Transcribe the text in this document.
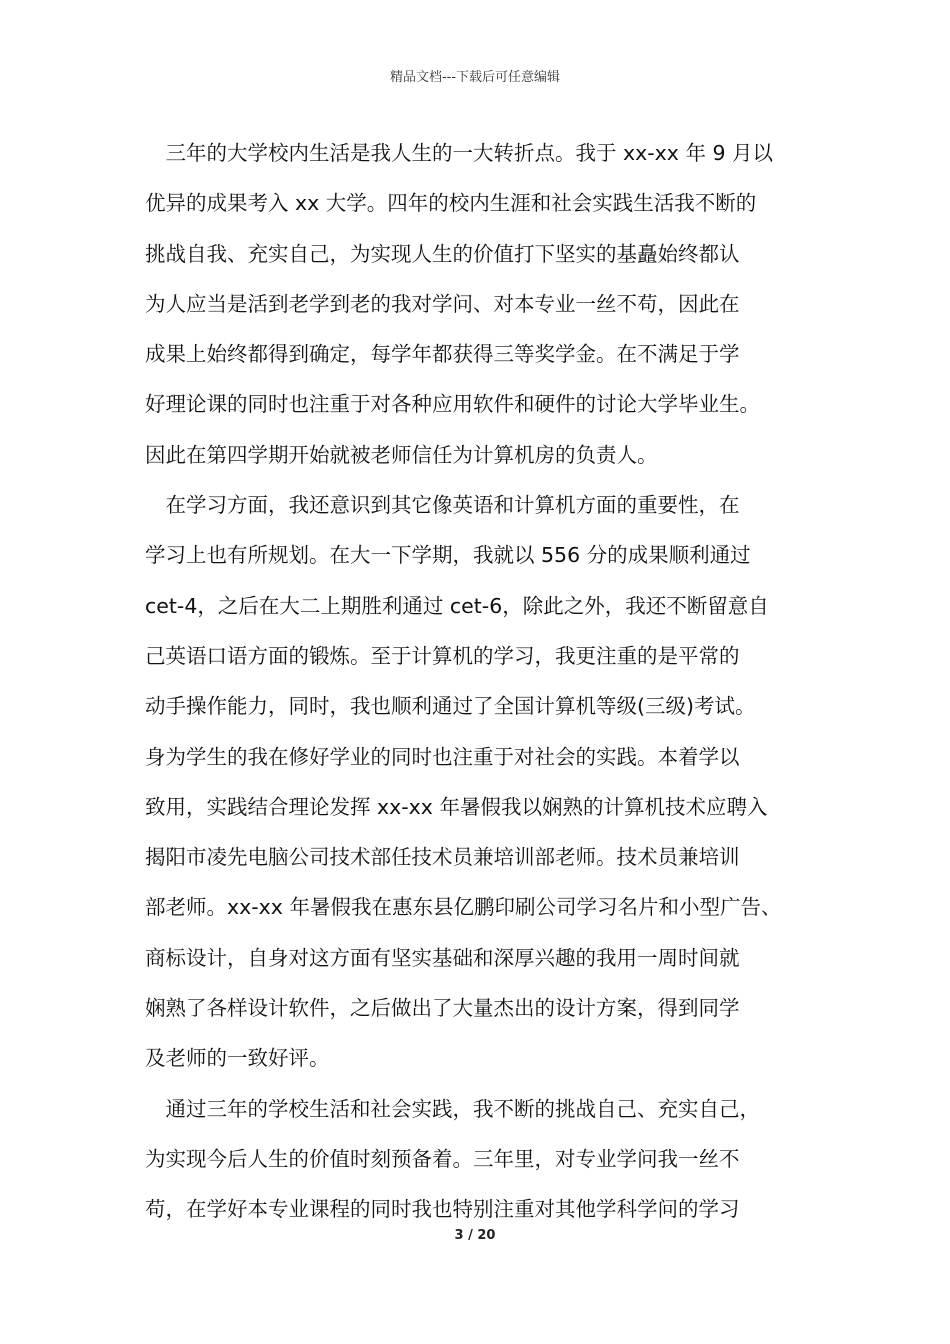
精品文档---下载后可任意编辑

　三年的大学校内生活是我人生的一大转折点。我于 xx-xx 年 9 月以

优异的成果考入 xx 大学。四年的校内生涯和社会实践生活我不断的

挑战自我、充实自己，为实现人生的价值打下坚实的基矗始终都认

为人应当是活到老学到老的我对学问、对本专业一丝不苟，因此在

成果上始终都得到确定，每学年都获得三等奖学金。在不满足于学

好理论课的同时也注重于对各种应用软件和硬件的讨论大学毕业生。

因此在第四学期开始就被老师信任为计算机房的负责人。

　在学习方面，我还意识到其它像英语和计算机方面的重要性，在

学习上也有所规划。在大一下学期，我就以 556 分的成果顺利通过

cet-4，之后在大二上期胜利通过 cet-6，除此之外，我还不断留意自

己英语口语方面的锻炼。至于计算机的学习，我更注重的是平常的

动手操作能力，同时，我也顺利通过了全国计算机等级(三级)考试。

身为学生的我在修好学业的同时也注重于对社会的实践。本着学以

致用，实践结合理论发挥 xx-xx 年暑假我以娴熟的计算机技术应聘入

揭阳市凌先电脑公司技术部任技术员兼培训部老师。技术员兼培训

部老师。xx-xx 年暑假我在惠东县亿鹏印刷公司学习名片和小型广告、

商标设计，自身对这方面有坚实基础和深厚兴趣的我用一周时间就

娴熟了各样设计软件，之后做出了大量杰出的设计方案，得到同学

及老师的一致好评。

　通过三年的学校生活和社会实践，我不断的挑战自己、充实自己，

为实现今后人生的价值时刻预备着。三年里，对专业学问我一丝不

苟，在学好本专业课程的同时我也特别注重对其他学科学问的学习

3 / 20
